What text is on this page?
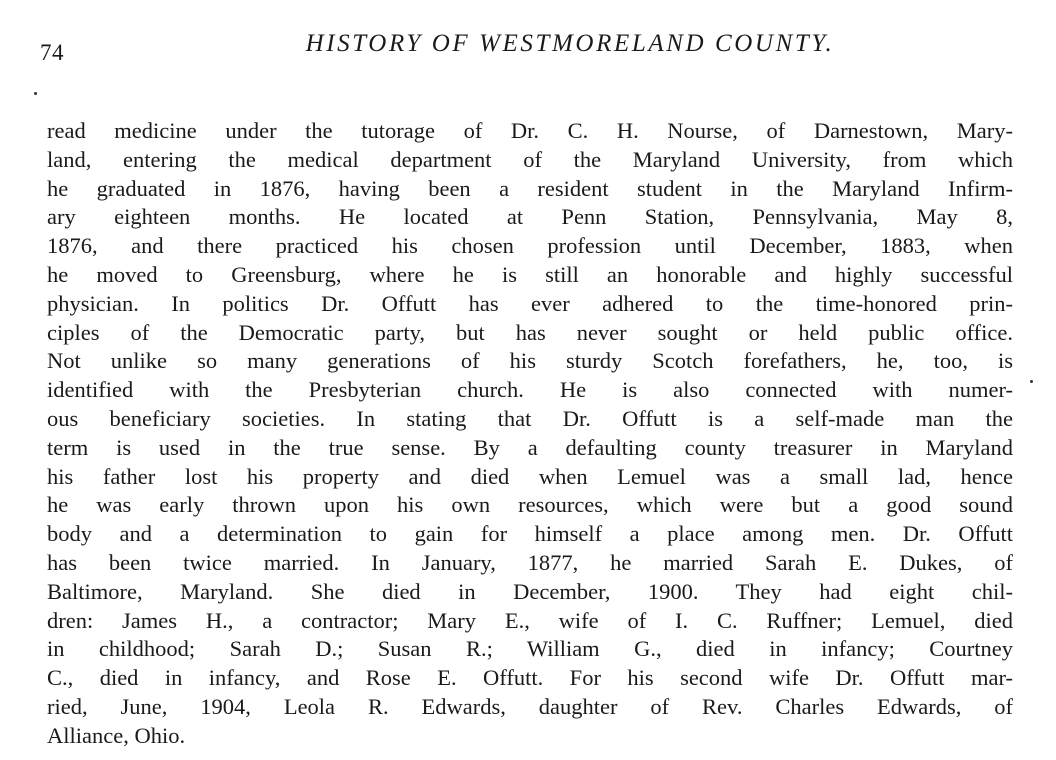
74	HISTORY OF WESTMORELAND COUNTY.
read medicine under the tutorage of Dr. C. H. Nourse, of Darnestown, Mary-
land, entering the medical department of the Maryland University, from which
he graduated in 1876, having been a resident student in the Maryland Infirm-
ary eighteen months. He located at Penn Station, Pennsylvania, May 8,
1876, and there practiced his chosen profession until December, 1883, when
he moved to Greensburg, where he is still an honorable and highly successful
physician. In politics Dr. Offutt has ever adhered to the time-honored prin-
ciples of the Democratic party, but has never sought or held public office.
Not unlike so many generations of his sturdy Scotch forefathers, he, too, is
identified with the Presbyterian church. He is also connected with numer-
ous beneficiary societies. In stating that Dr. Offutt is a self-made man the
term is used in the true sense. By a defaulting county treasurer in Maryland
his father lost his property and died when Lemuel was a small lad, hence
he was early thrown upon his own resources, which were but a good sound
body and a determination to gain for himself a place among men. Dr. Offutt
has been twice married. In January, 1877, he married Sarah E. Dukes, of
Baltimore, Maryland. She died in December, 1900. They had eight chil-
dren: James H., a contractor; Mary E., wife of I. C. Ruffner; Lemuel, died
in childhood; Sarah D.; Susan R.; William G., died in infancy; Courtney
C., died in infancy, and Rose E. Offutt. For his second wife Dr. Offutt mar-
ried, June, 1904, Leola R. Edwards, daughter of Rev. Charles Edwards, of
Alliance, Ohio.
